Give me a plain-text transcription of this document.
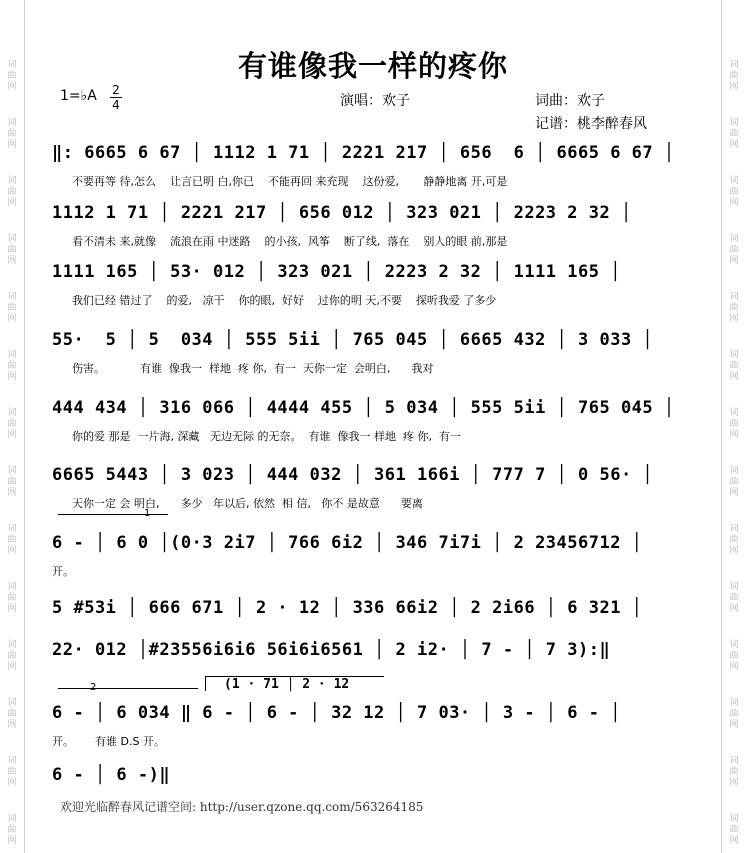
词
曲
网
词
曲
网
词
曲
网
词
曲
网
词
曲
网
词
曲
网
词
曲
网
词
曲
网
词
曲
网
词
曲
网
词
曲
网
词
曲
网
词
曲
网
词
曲
网
词
曲
网
词
曲
网
词
曲
网
词
曲
网
词
曲
网
词
曲
网
词
曲
网
词
曲
网
词
曲
网
词
曲
网
词
曲
网
词
曲
网
词
曲
网
词
曲
网
有谁像我一样的疼你
1=♭A 2
4	演唱：欢子	词曲：欢子
记谱：桃李醉春风
‖: 6665 6 67 │ 1112 1 71 │ 2221 217 │ 656  6 │ 6665 6 67 │
不要再等 待,怎么    让言已明 白,你已    不能再回 来充现    这份爱,       静静地离 开,可是
1112 1 71 │ 2221 217 │ 656 012 │ 323 021 │ 2223 2 32 │
看不清未 来,就像    流浪在雨 中迷路    的小孩,  风筝    断了线,  落在    别人的眼 前,那是
1111 165 │ 53· 012 │ 323 021 │ 2223 2 32 │ 1111 165 │
我们已经 错过了    的爱,   凉干    你的眼,  好好    过你的明 天,不要    探听我爱 了多少
55·  5 │ 5  034 │ 555 5ii │ 765 045 │ 6665 432 │ 3 033 │
伤害。          有谁  像我一  样地  疼 你,  有一  天你一定  会明白,      我对
444 434 │ 316 066 │ 4444 455 │ 5 034 │ 555 5ii │ 765 045 │
你的爱 那是  一片海, 深藏   无边无际 的无奈。  有谁  像我一 样地  疼 你,  有一
6665 5443 │ 3 023 │ 444 032 │ 361 166i │ 777 7 │ 0 56· │
天你一定 会 明白,      多少   年以后, 依然  相 信,   你不 是故意      要离
1
6 - │ 6 0 │(0·3 2i7 │ 766 6i2 │ 346 7i7i │ 2 23456712 │
开。
5 #53i │ 666 671 │ 2 · 12 │ 336 66i2 │ 2 2i66 │ 6 321 │
22· 012 │#23556i6i6 56i6i6561 │ 2 i2· │ 7 - │ 7 3):‖
2	(1 · 71 │ 2 · 12
6 - │ 6 034 ‖ 6 - │ 6 - │ 32 12 │ 7 03· │ 3 - │ 6 - │
开。      有谁 D.S 开。
6 - │ 6 -)‖
欢迎光临醉春风记谱空间: http://user.qzone.qq.com/563264185
